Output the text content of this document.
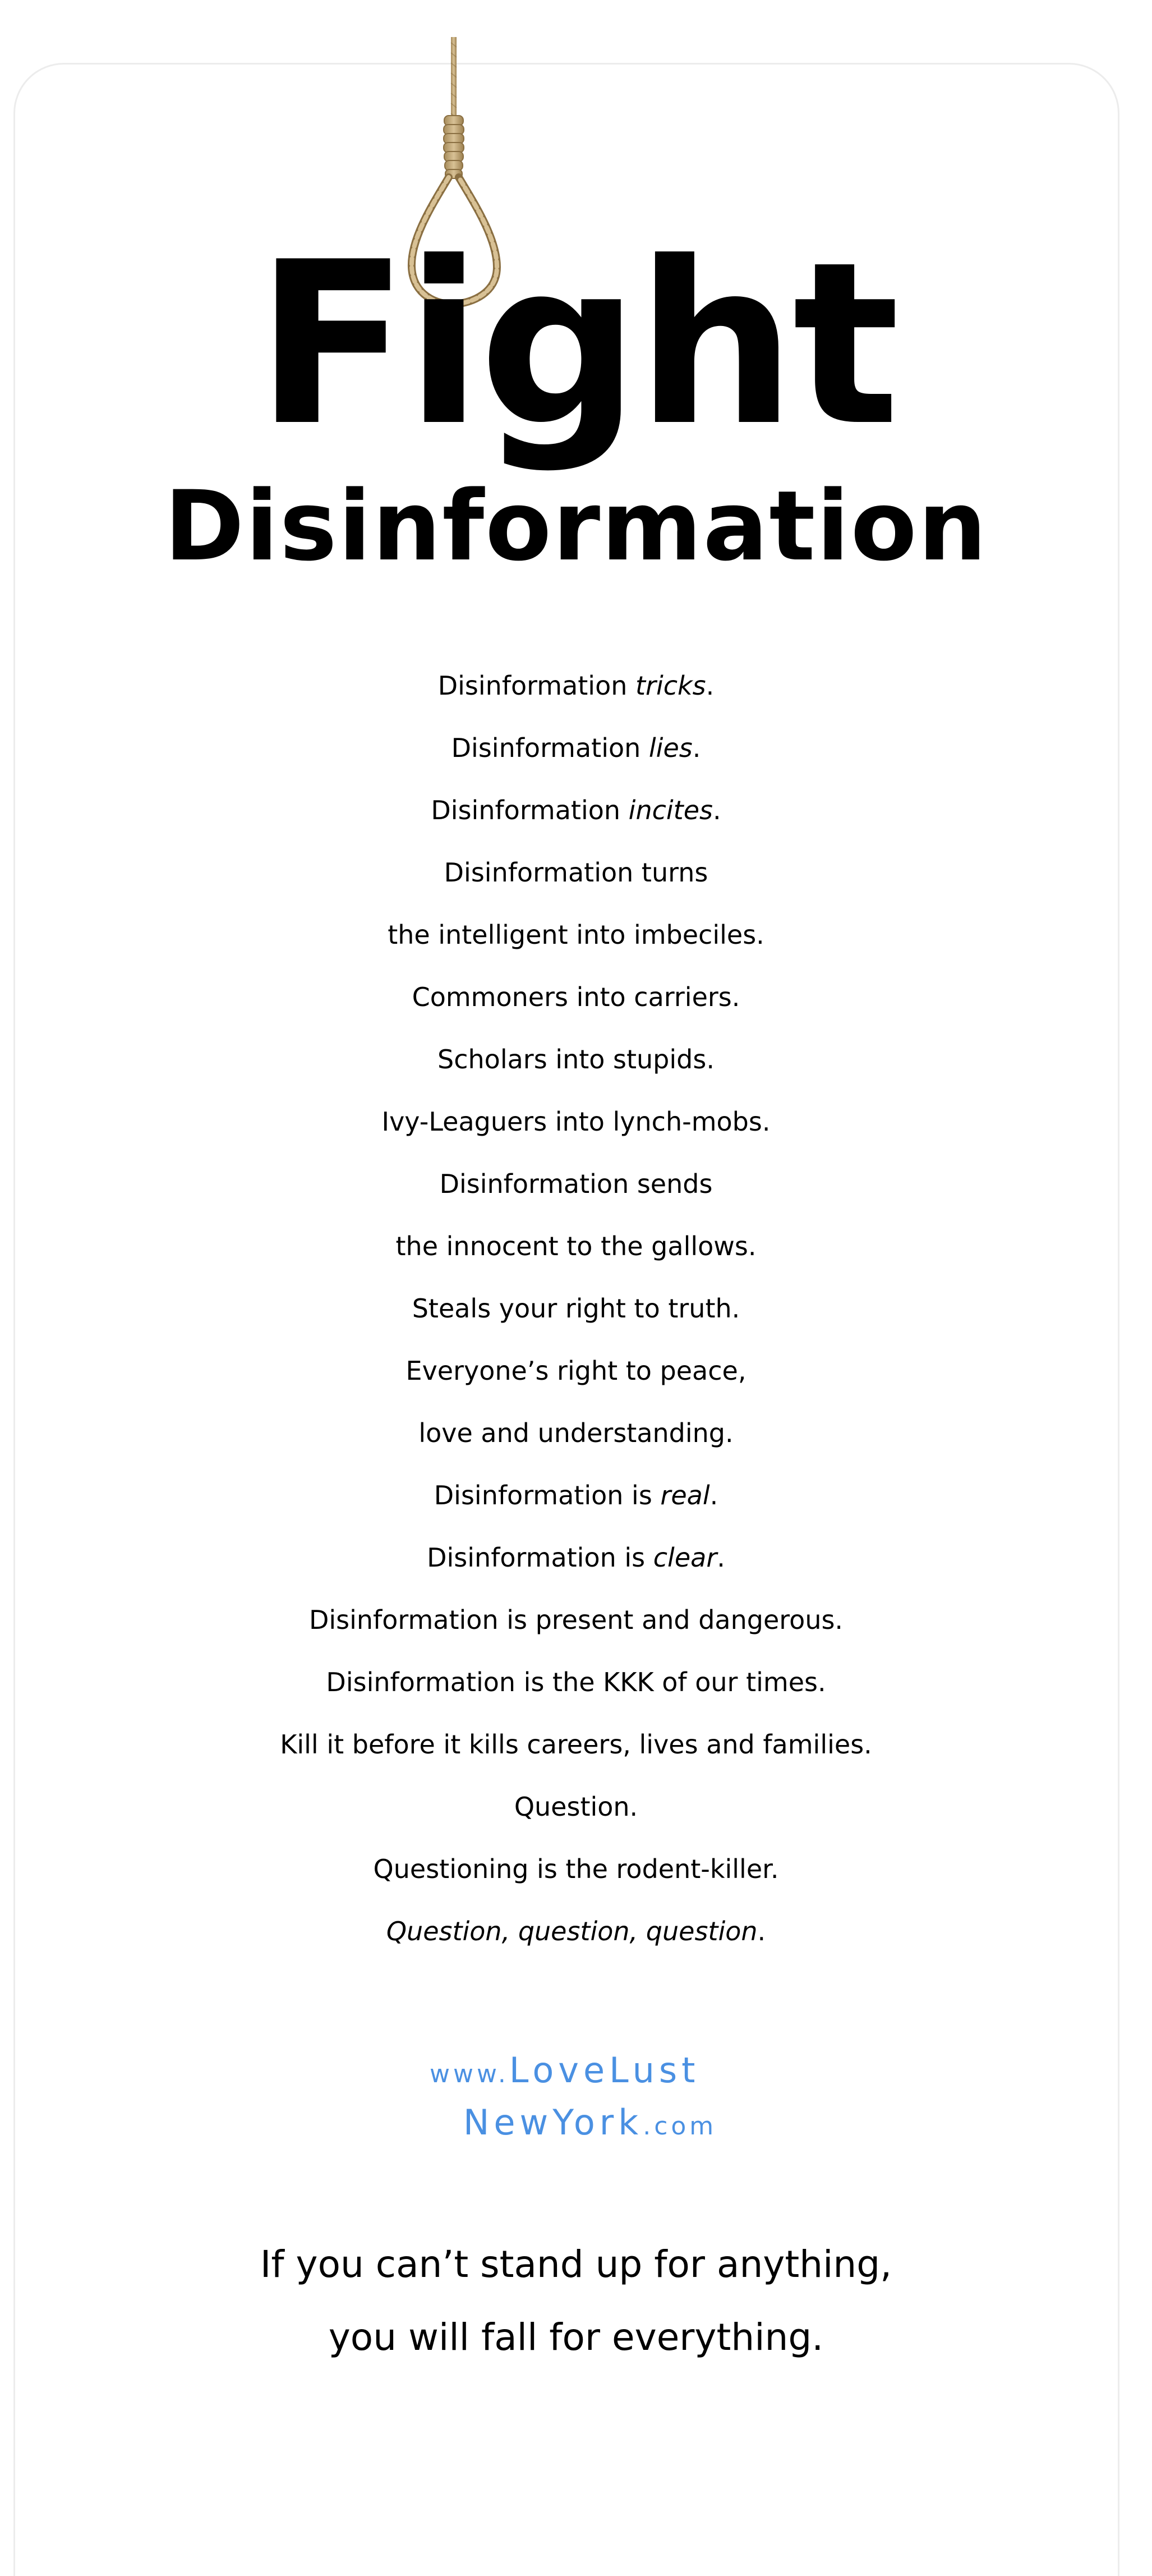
Fight
Disinformation
Disinformation tricks.
Disinformation lies.
Disinformation incites.
Disinformation turns
the intelligent into imbeciles.
Commoners into carriers.
Scholars into stupids.
Ivy-Leaguers into lynch-mobs.
Disinformation sends
the innocent to the gallows.
Steals your right to truth.
Everyone’s right to peace,
love and understanding.
Disinformation is real.
Disinformation is clear.
Disinformation is present and dangerous.
Disinformation is the KKK of our times.
Kill it before it kills careers, lives and families.
Question.
Questioning is the rodent-killer.
Question, question, question.
www.LoveLust
NewYork.com
If you can’t stand up for anything,
you will fall for everything.
